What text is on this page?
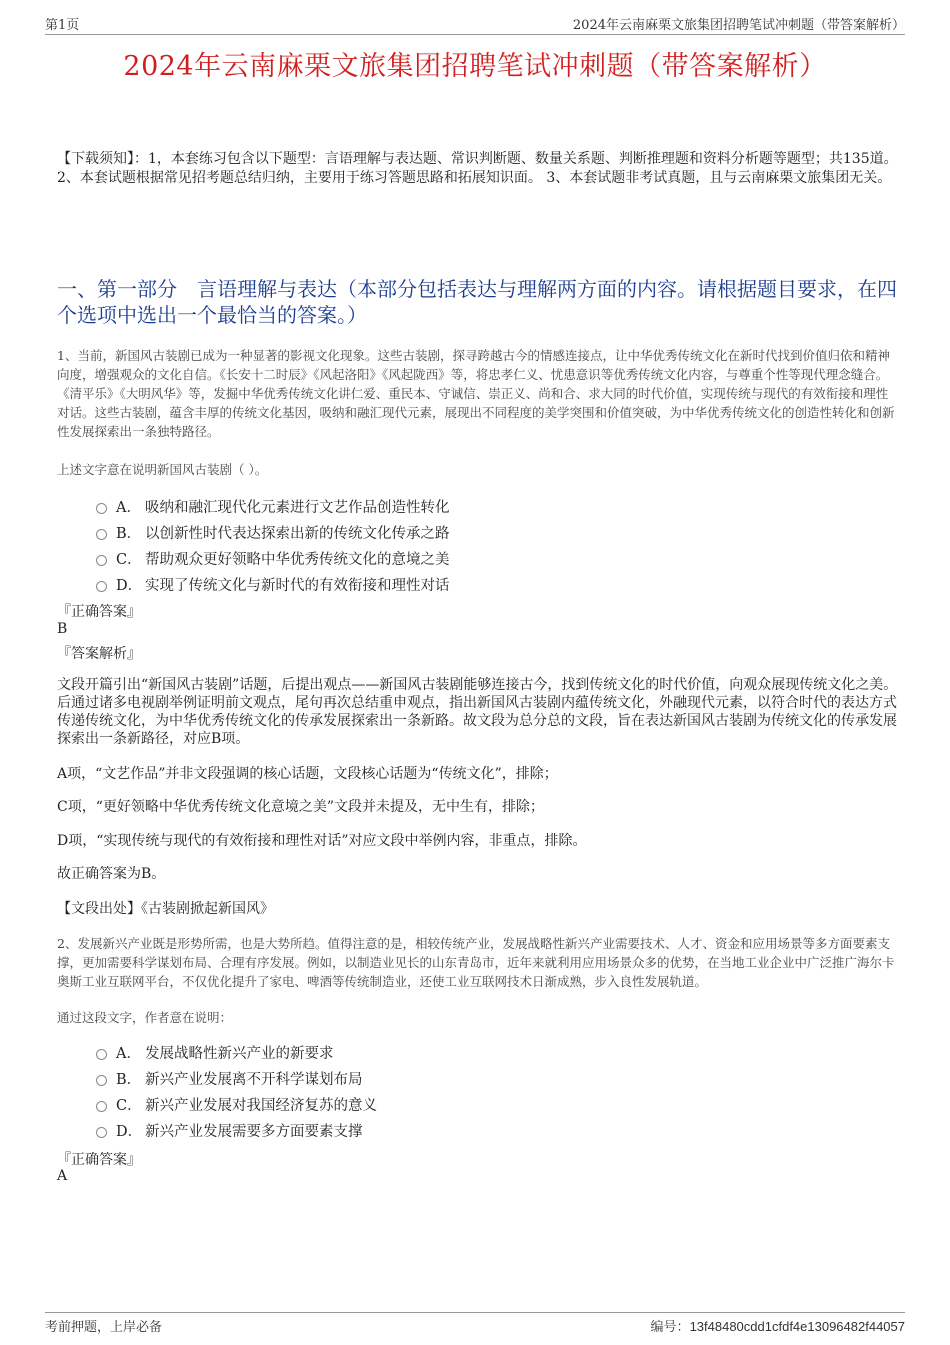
第1页	2024年云南麻栗文旅集团招聘笔试冲刺题（带答案解析）
2024年云南麻栗文旅集团招聘笔试冲刺题（带答案解析）
【下载须知】：1，本套练习包含以下题型：言语理解与表达题、常识判断题、数量关系题、判断推理题和资料分析题等题型；共135道。 2、本套试题根据常见招考题总结归纳，主要用于练习答题思路和拓展知识面。 3、本套试题非考试真题，且与云南麻栗文旅集团无关。
一、第一部分　言语理解与表达（本部分包括表达与理解两方面的内容。请根据题目要求，在四个选项中选出一个最恰当的答案。）
1、当前，新国风古装剧已成为一种显著的影视文化现象。这些古装剧，探寻跨越古今的情感连接点，让中华优秀传统文化在新时代找到价值归依和精神向度，增强观众的文化自信。《长安十二时辰》《风起洛阳》《风起陇西》等，将忠孝仁义、忧患意识等优秀传统文化内容，与尊重个性等现代理念缝合。《清平乐》《大明风华》等，发掘中华优秀传统文化讲仁爱、重民本、守诚信、崇正义、尚和合、求大同的时代价值，实现传统与现代的有效衔接和理性对话。这些古装剧，蕴含丰厚的传统文化基因，吸纳和融汇现代元素，展现出不同程度的美学突围和价值突破，为中华优秀传统文化的创造性转化和创新性发展探索出一条独特路径。
上述文字意在说明新国风古装剧（ ）。
A． 吸纳和融汇现代化元素进行文艺作品创造性转化
B． 以创新性时代表达探索出新的传统文化传承之路
C． 帮助观众更好领略中华优秀传统文化的意境之美
D． 实现了传统文化与新时代的有效衔接和理性对话
『正确答案』
B
『答案解析』
文段开篇引出“新国风古装剧”话题，后提出观点——新国风古装剧能够连接古今，找到传统文化的时代价值，向观众展现传统文化之美。后通过诸多电视剧举例证明前文观点，尾句再次总结重申观点，指出新国风古装剧内蕴传统文化，外融现代元素，以符合时代的表达方式传递传统文化，为中华优秀传统文化的传承发展探索出一条新路。故文段为总分总的文段，旨在表达新国风古装剧为传统文化的传承发展探索出一条新路径，对应B项。
A项，“文艺作品”并非文段强调的核心话题，文段核心话题为“传统文化”，排除；
C项，“更好领略中华优秀传统文化意境之美”文段并未提及，无中生有，排除；
D项，“实现传统与现代的有效衔接和理性对话”对应文段中举例内容，非重点，排除。
故正确答案为B。
【文段出处】《古装剧掀起新国风》
2、发展新兴产业既是形势所需，也是大势所趋。值得注意的是，相较传统产业，发展战略性新兴产业需要技术、人才、资金和应用场景等多方面要素支撑，更加需要科学谋划布局、合理有序发展。例如，以制造业见长的山东青岛市，近年来就利用应用场景众多的优势，在当地工业企业中广泛推广海尔卡奥斯工业互联网平台，不仅优化提升了家电、啤酒等传统制造业，还使工业互联网技术日渐成熟，步入良性发展轨道。
通过这段文字，作者意在说明：
A． 发展战略性新兴产业的新要求
B． 新兴产业发展离不开科学谋划布局
C． 新兴产业发展对我国经济复苏的意义
D． 新兴产业发展需要多方面要素支撑
『正确答案』
A
考前押题，上岸必备	编号：13f48480cdd1cfdf4e13096482f44057
